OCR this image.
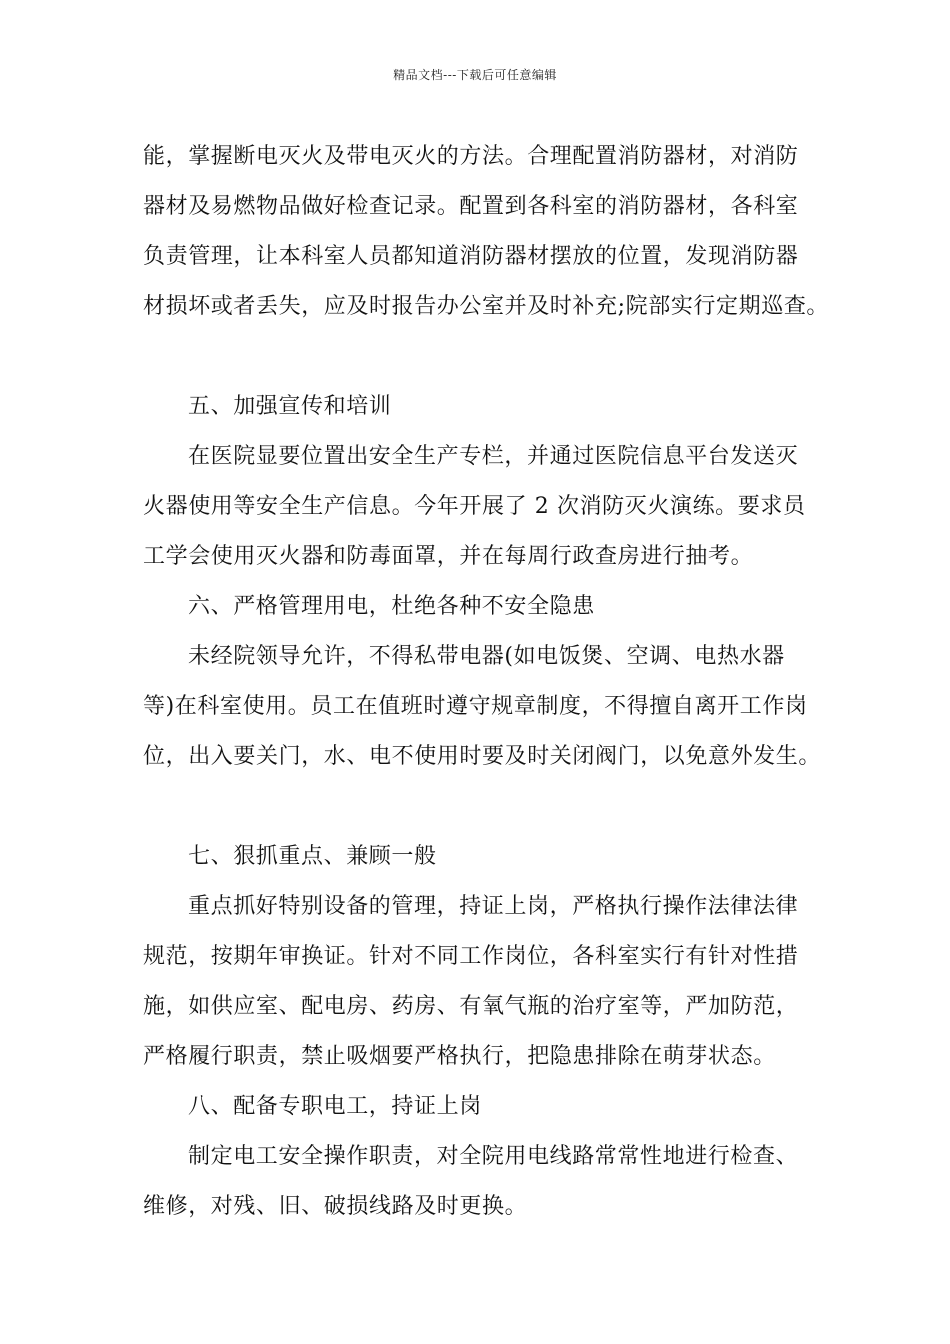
精品文档---下载后可任意编辑
能，掌握断电灭火及带电灭火的方法。合理配置消防器材，对消防
器材及易燃物品做好检查记录。配置到各科室的消防器材，各科室
负责管理，让本科室人员都知道消防器材摆放的位置，发现消防器
材损坏或者丢失，应及时报告办公室并及时补充;院部实行定期巡查。
五、加强宣传和培训
在医院显要位置出安全生产专栏，并通过医院信息平台发送灭
火器使用等安全生产信息。今年开展了 2 次消防灭火演练。要求员
工学会使用灭火器和防毒面罩，并在每周行政查房进行抽考。
六、严格管理用电，杜绝各种不安全隐患
未经院领导允许，不得私带电器(如电饭煲、空调、电热水器
等)在科室使用。员工在值班时遵守规章制度，不得擅自离开工作岗
位，出入要关门，水、电不使用时要及时关闭阀门，以免意外发生。
七、狠抓重点、兼顾一般
重点抓好特别设备的管理，持证上岗，严格执行操作法律法律
规范，按期年审换证。针对不同工作岗位，各科室实行有针对性措
施，如供应室、配电房、药房、有氧气瓶的治疗室等，严加防范，
严格履行职责，禁止吸烟要严格执行，把隐患排除在萌芽状态。
八、配备专职电工，持证上岗
制定电工安全操作职责，对全院用电线路常常性地进行检查、
维修，对残、旧、破损线路及时更换。
